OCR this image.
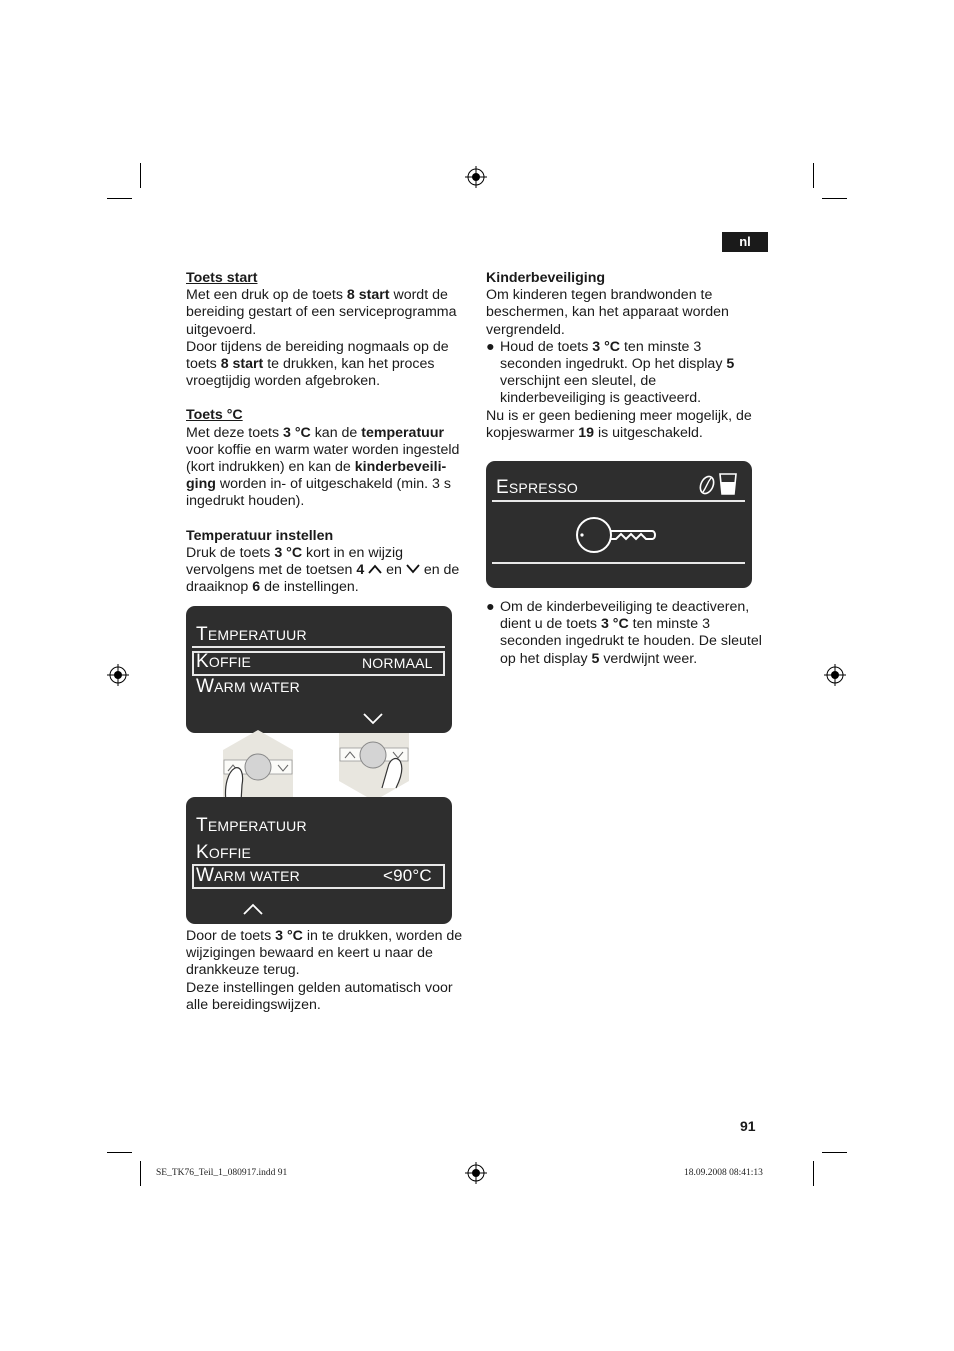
nl

Toets start

Met een druk op de toets 8 start wordt de

bereiding gestart of een serviceprogramma

uitgevoerd.

Door tijdens de bereiding nogmaals op de

toets 8 start te drukken, kan het proces

vroegtijdig worden afgebroken.

Toets °C

Met deze toets 3 °C kan de temperatuur

voor koffie en warm water worden ingesteld

(kort indrukken) en kan de kinderbeveili-

ging worden in- of uitgeschakeld (min. 3 s

ingedrukt houden).

Temperatuur instellen

Druk de toets 3 °C kort in en wijzig

vervolgens met de toetsen 4  en  en de

draaiknop 6 de instellingen.

TEMPERATUUR
KOFFIE	NORMAAL
WARM WATER
TEMPERATUUR
KOFFIE
WARM WATER	<90°C

Door de toets 3 °C in te drukken, worden de

wijzigingen bewaard en keert u naar de

drankkeuze terug.

Deze instellingen gelden automatisch voor

alle bereidingswijzen.

Kinderbeveiliging

Om kinderen tegen brandwonden te

beschermen, kan het apparaat worden

vergrendeld.

● Houd de toets 3 °C ten minste 3

seconden ingedrukt. Op het display 5

verschijnt een sleutel, de

kinderbeveiliging is geactiveerd.

Nu is er geen bediening meer mogelijk, de

kopjeswarmer 19 is uitgeschakeld.

ESPRESSO
● Om de kinderbeveiliging te deactiveren,

dient u de toets 3 °C ten minste 3

seconden ingedrukt te houden. De sleutel

op het display 5 verdwijnt weer.

91
SE_TK76_Teil_1_080917.indd 91	18.09.2008 08:41:13
